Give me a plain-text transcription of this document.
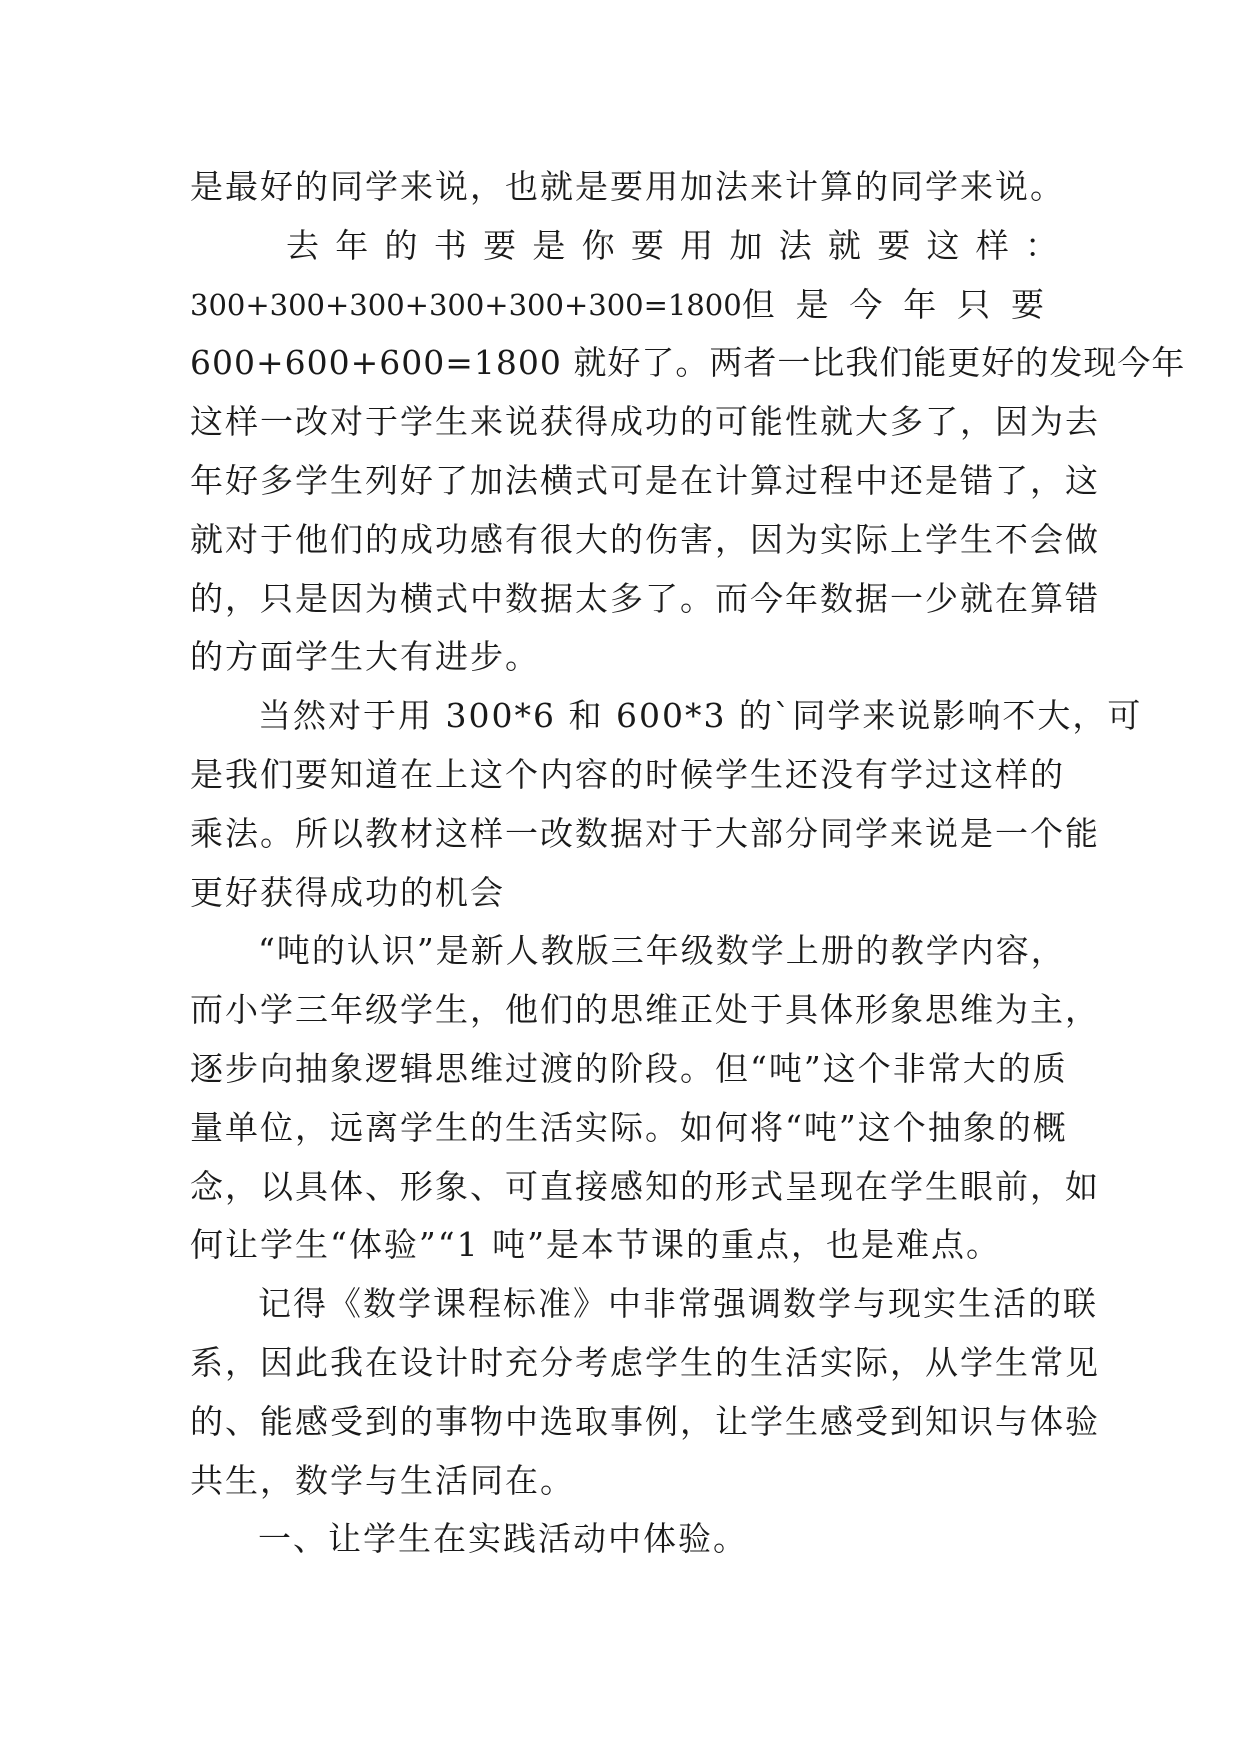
是最好的同学来说，也就是要用加法来计算的同学来说。
去 年 的 书 要 是 你 要 用 加 法 就 要 这 样 ：
300+300+300+300+300+300=1800 但 是 今 年 只 要
600+600+600=1800 就好了。两者一比我们能更好的发现今年
这样一改对于学生来说获得成功的可能性就大多了，因为去
年好多学生列好了加法横式可是在计算过程中还是错了，这
就对于他们的成功感有很大的伤害，因为实际上学生不会做
的，只是因为横式中数据太多了。而今年数据一少就在算错
的方面学生大有进步。
当然对于用 300*6 和 600*3 的`同学来说影响不大，可
是我们要知道在上这个内容的时候学生还没有学过这样的
乘法。所以教材这样一改数据对于大部分同学来说是一个能
更好获得成功的机会
“吨的认识”是新人教版三年级数学上册的教学内容，
而小学三年级学生，他们的思维正处于具体形象思维为主，
逐步向抽象逻辑思维过渡的阶段。但“吨”这个非常大的质
量单位，远离学生的生活实际。如何将“吨”这个抽象的概
念，以具体、形象、可直接感知的形式呈现在学生眼前，如
何让学生“体验”“1 吨”是本节课的重点，也是难点。
记得《数学课程标准》中非常强调数学与现实生活的联
系，因此我在设计时充分考虑学生的生活实际，从学生常见
的、能感受到的事物中选取事例，让学生感受到知识与体验
共生，数学与生活同在。
一、让学生在实践活动中体验。
